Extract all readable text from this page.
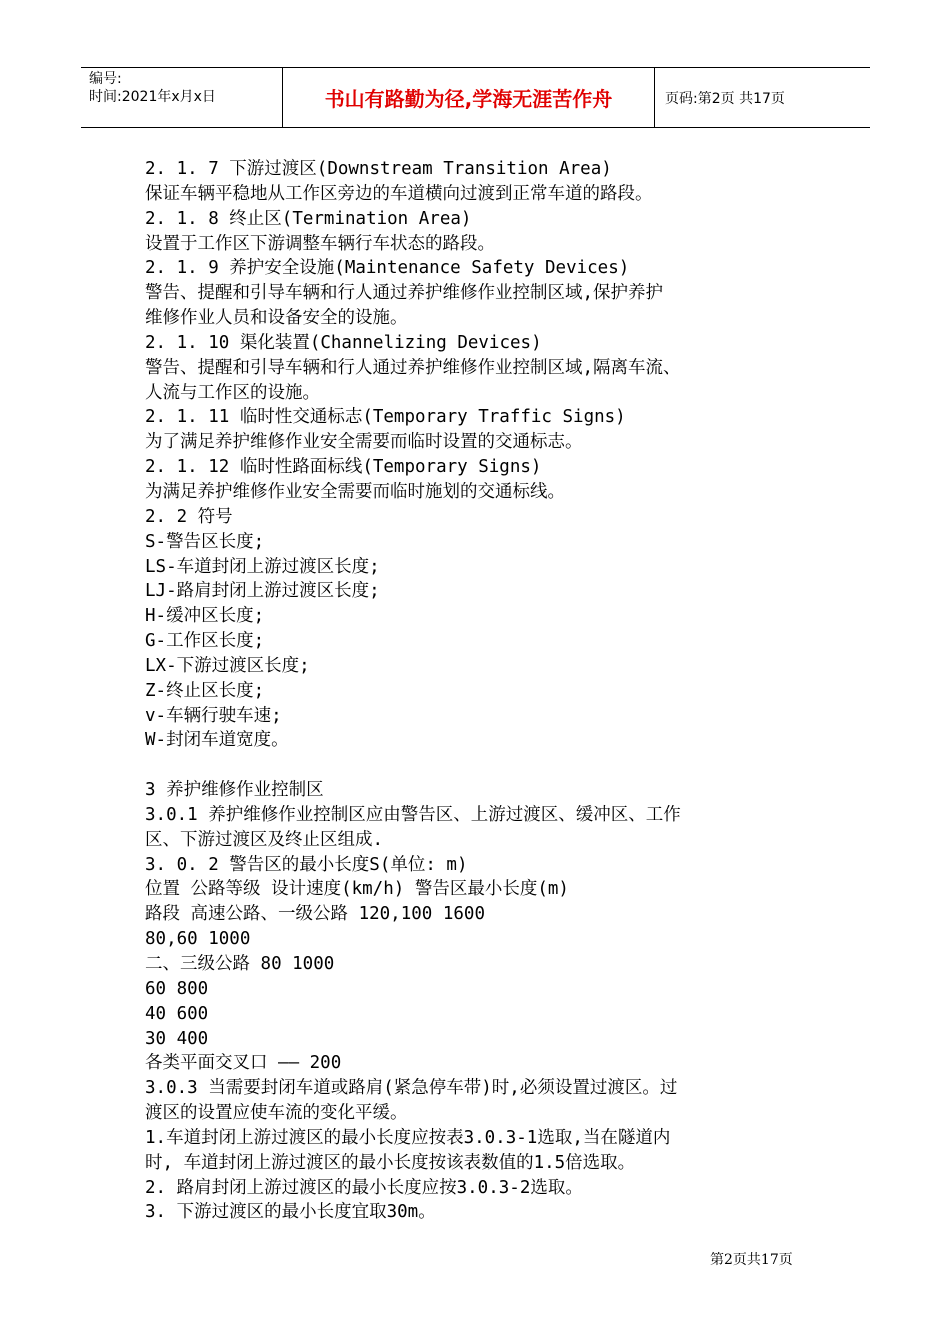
编号:
时间:2021年x月x日	书山有路勤为径,学海无涯苦作舟	页码:第2页 共17页
2. 1. 7 下游过渡区(Downstream Transition Area)
保证车辆平稳地从工作区旁边的车道横向过渡到正常车道的路段。
2. 1. 8 终止区(Termination Area)
设置于工作区下游调整车辆行车状态的路段。
2. 1. 9 养护安全设施(Maintenance Safety Devices)
警告、提醒和引导车辆和行人通过养护维修作业控制区域,保护养护
维修作业人员和设备安全的设施。
2. 1. 10 渠化装置(Channelizing Devices)
警告、提醒和引导车辆和行人通过养护维修作业控制区域,隔离车流、
人流与工作区的设施。
2. 1. 11 临时性交通标志(Temporary Traffic Signs)
为了满足养护维修作业安全需要而临时设置的交通标志。
2. 1. 12 临时性路面标线(Temporary Signs)
为满足养护维修作业安全需要而临时施划的交通标线。
2. 2 符号
S-警告区长度;
LS-车道封闭上游过渡区长度;
LJ-路肩封闭上游过渡区长度;
H-缓冲区长度;
G-工作区长度;
LX-下游过渡区长度;
Z-终止区长度;
v-车辆行驶车速;
W-封闭车道宽度。
3 养护维修作业控制区
3.0.1 养护维修作业控制区应由警告区、上游过渡区、缓冲区、工作
区、下游过渡区及终止区组成.
3. 0. 2 警告区的最小长度S(单位: m)
位置 公路等级 设计速度(km/h) 警告区最小长度(m)
路段 高速公路、一级公路 120,100 1600
80,60 1000
二、三级公路 80 1000
60 800
40 600
30 400
各类平面交叉口 —— 200
3.0.3 当需要封闭车道或路肩(紧急停车带)时,必须设置过渡区。过
渡区的设置应使车流的变化平缓。
1.车道封闭上游过渡区的最小长度应按表3.0.3-1选取,当在隧道内
时, 车道封闭上游过渡区的最小长度按该表数值的1.5倍选取。
2. 路肩封闭上游过渡区的最小长度应按3.0.3-2选取。
3. 下游过渡区的最小长度宜取30m。
第2页共17页
